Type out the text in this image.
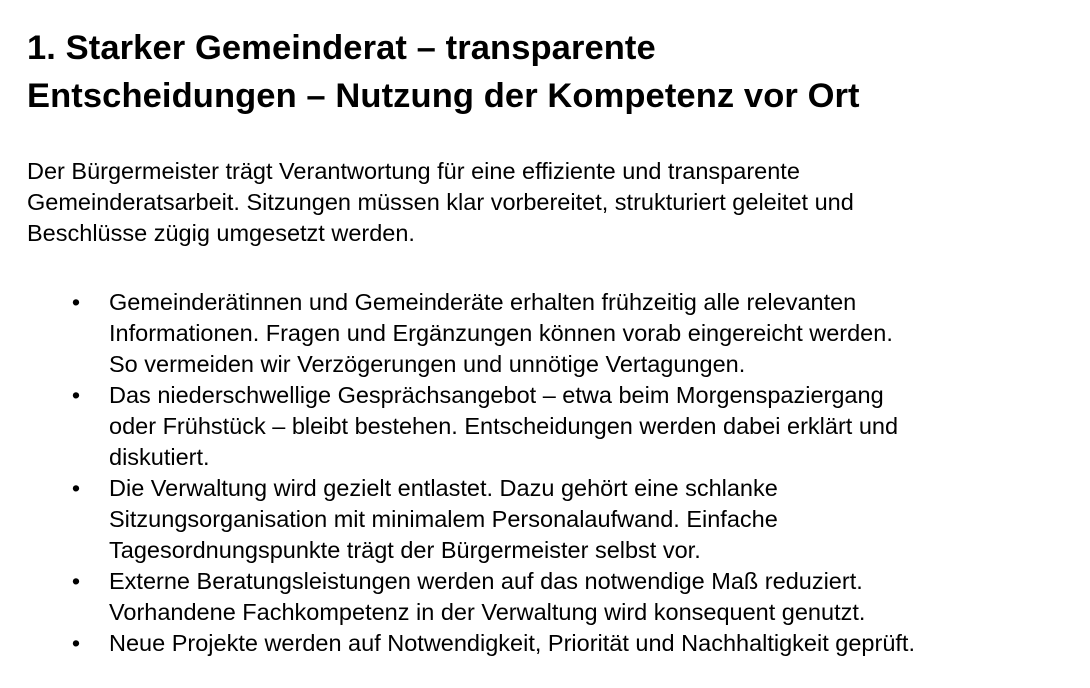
1. Starker Gemeinderat – transparente
Entscheidungen – Nutzung der Kompetenz vor Ort

Der Bürgermeister trägt Verantwortung für eine effiziente und transparente
Gemeinderatsarbeit. Sitzungen müssen klar vorbereitet, strukturiert geleitet und
Beschlüsse zügig umgesetzt werden.

• Gemeinderätinnen und Gemeinderäte erhalten frühzeitig alle relevanten
Informationen. Fragen und Ergänzungen können vorab eingereicht werden.
So vermeiden wir Verzögerungen und unnötige Vertagungen.
• Das niederschwellige Gesprächsangebot – etwa beim Morgenspaziergang
oder Frühstück – bleibt bestehen. Entscheidungen werden dabei erklärt und
diskutiert.
• Die Verwaltung wird gezielt entlastet. Dazu gehört eine schlanke
Sitzungsorganisation mit minimalem Personalaufwand. Einfache
Tagesordnungspunkte trägt der Bürgermeister selbst vor.
• Externe Beratungsleistungen werden auf das notwendige Maß reduziert.
Vorhandene Fachkompetenz in der Verwaltung wird konsequent genutzt.
• Neue Projekte werden auf Notwendigkeit, Priorität und Nachhaltigkeit geprüft.
